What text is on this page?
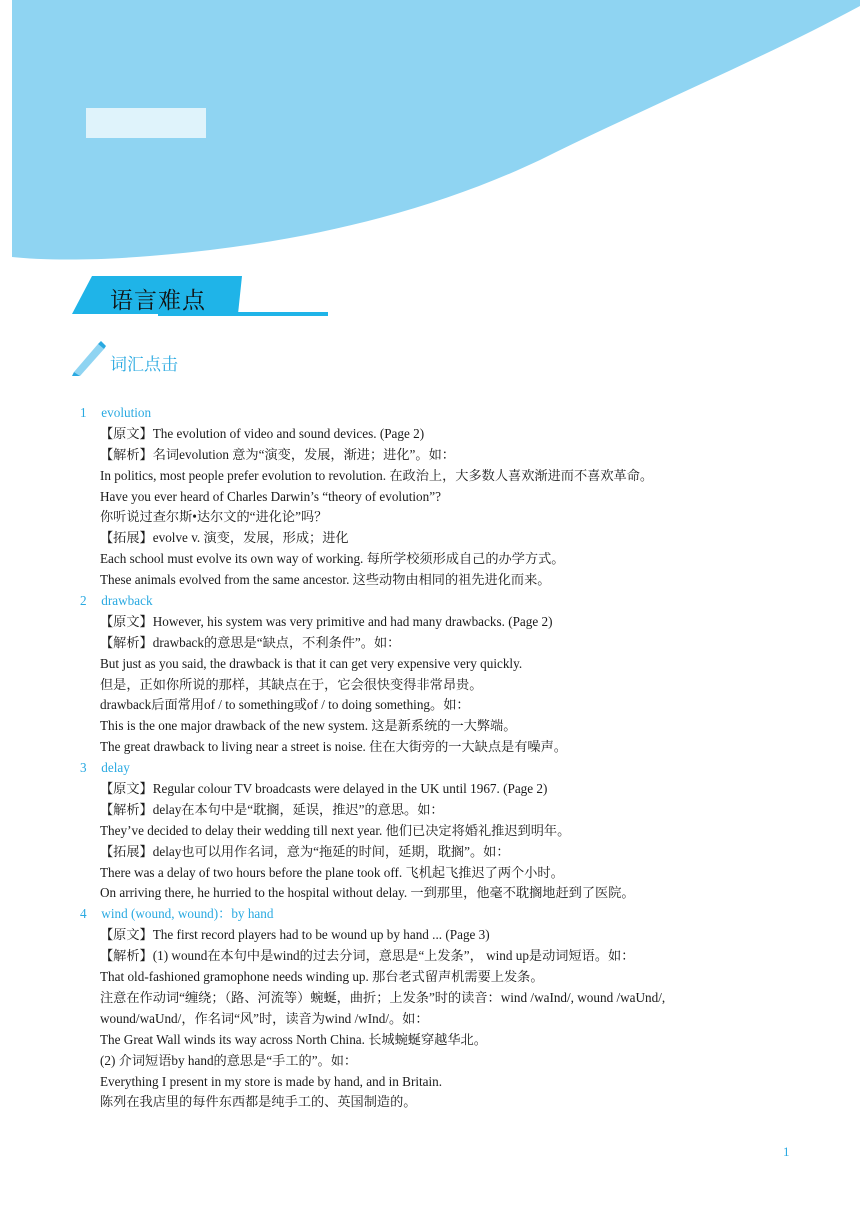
语言难点
词汇点击
1 evolution
【原文】The evolution of video and sound devices. (Page 2)
【解析】名词evolution 意为“演变，发展，渐进；进化”。如：
In politics, most people prefer evolution to revolution. 在政治上，大多数人喜欢渐进而不喜欢革命。
Have you ever heard of Charles Darwin’s “theory of evolution”?
你听说过查尔斯•达尔文的“进化论”吗？
【拓展】evolve v. 演变，发展，形成；进化
Each school must evolve its own way of working. 每所学校须形成自己的办学方式。
These animals evolved from the same ancestor. 这些动物由相同的祖先进化而来。
2 drawback
【原文】However, his system was very primitive and had many drawbacks. (Page 2)
【解析】drawback的意思是“缺点，不利条件”。如：
But just as you said, the drawback is that it can get very expensive very quickly.
但是，正如你所说的那样，其缺点在于，它会很快变得非常昂贵。
drawback后面常用of / to something或of / to doing something。如：
This is the one major drawback of the new system. 这是新系统的一大弊端。
The great drawback to living near a street is noise. 住在大街旁的一大缺点是有噪声。
3 delay
【原文】Regular colour TV broadcasts were delayed in the UK until 1967. (Page 2)
【解析】delay在本句中是“耽搁，延误，推迟”的意思。如：
They’ve decided to delay their wedding till next year. 他们已决定将婚礼推迟到明年。
【拓展】delay也可以用作名词，意为“拖延的时间，延期，耽搁”。如：
There was a delay of two hours before the plane took off. 飞机起飞推迟了两个小时。
On arriving there, he hurried to the hospital without delay. 一到那里，他毫不耽搁地赶到了医院。
4 wind (wound, wound)：by hand
【原文】The first record players had to be wound up by hand ... (Page 3)
【解析】(1) wound在本句中是wind的过去分词，意思是“上发条”， wind up是动词短语。如：
That old-fashioned gramophone needs winding up. 那台老式留声机需要上发条。
注意在作动词“缠绕；（路、河流等）蜿蜒，曲折；上发条”时的读音：wind /waInd/, wound /waUnd/,
wound/waUnd/，作名词“风”时，读音为wind /wInd/。如：
The Great Wall winds its way across North China. 长城蜿蜒穿越华北。
(2) 介词短语by hand的意思是“手工的”。如：
Everything I present in my store is made by hand, and in Britain.
陈列在我店里的每件东西都是纯手工的、英国制造的。
1
